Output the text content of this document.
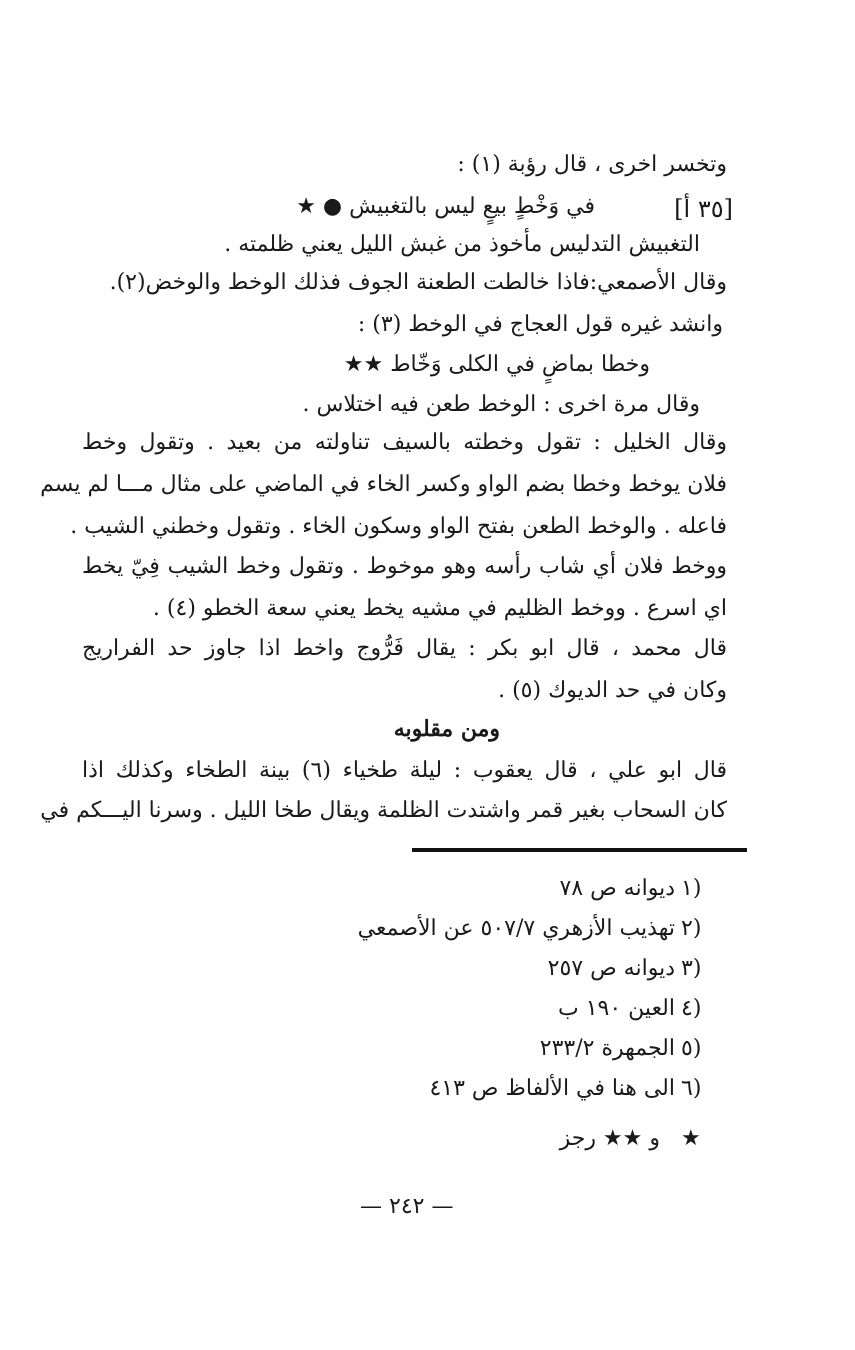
وتخسر اخرى ، قال رؤبة (١) :
[٣٥ أ]
في وَخْطٍ بيعٍ ليس بالتغبيش ● ★
التغبيش التدليس مأخوذ من غبش الليل يعني ظلمته .
وقال الأصمعي:فاذا خالطت الطعنة الجوف فذلك الوخط والوخض(٢).
وانشد غيره قول العجاج في الوخط (٣) :
وخطا بماضٍ في الكلى وَخّاط ★★
وقال مرة اخرى : الوخط طعن فيه اختلاس .
وقال الخليل : تقول وخطته بالسيف تناولته من بعيد . وتقول وخط
فلان يوخط وخطا بضم الواو وكسر الخاء في الماضي على مثال مـــا لم يسم
فاعله . والوخط الطعن بفتح الواو وسكون الخاء . وتقول وخطني الشيب .
ووخط فلان أي شاب رأسه وهو موخوط . وتقول وخط الشيب فِيّ يخط
اي اسرع . ووخط الظليم في مشيه يخط يعني سعة الخطو (٤) .
قال محمد ، قال ابو بكر : يقال فَرُّوج واخط اذا جاوز حد الفراريج
وكان في حد الديوك (٥) .
ومن مقلوبه
قال ابو علي ، قال يعقوب : ليلة طخياء (٦) بينة الطخاء وكذلك اذا
كان السحاب بغير قمر واشتدت الظلمة ويقال طخا الليل . وسرنا اليـــكم في
١)
ديوانه ص ٧٨
٢)
تهذيب الأزهري ٥٠٧/٧ عن الأصمعي
٣)
ديوانه ص ٢٥٧
٤)
العين ١٩٠ ب
٥)
الجمهرة ٢٣٣/٢
٦)
الى هنا في الألفاظ ص ٤١٣
★
و ★★ رجز
— ٢٤٢ —
